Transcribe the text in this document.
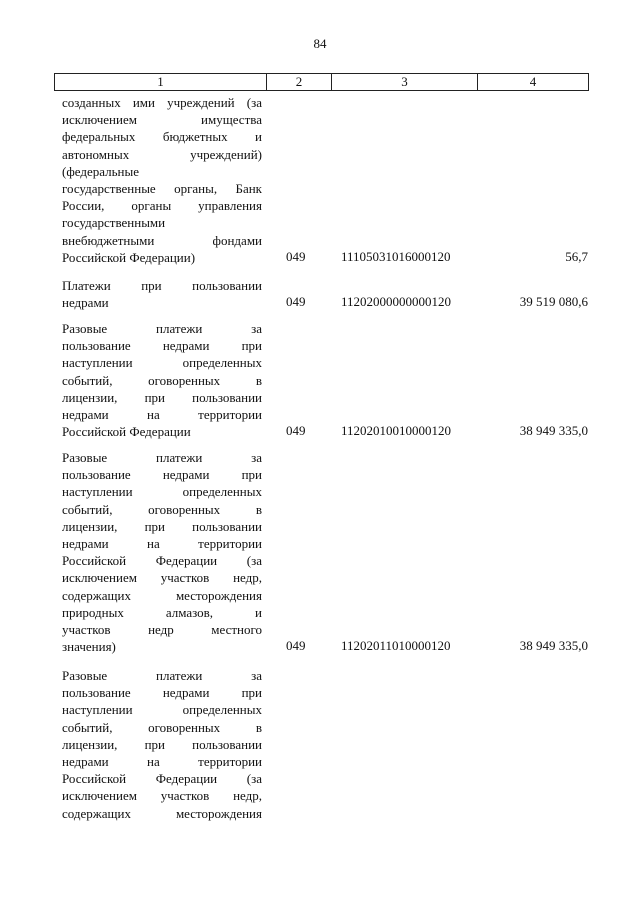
84
1	2	3	4
созданных ими учреждений (за
исключением имущества
федеральных бюджетных и
автономных учреждений)
(федеральные
государственные органы, Банк
России, органы управления
государственными
внебюджетными фондами
Российской Федерации)	049	11105031016000120	56,7
Платежи при пользовании
недрами	049	11202000000000120	39 519 080,6
Разовые платежи за
пользование недрами при
наступлении определенных
событий, оговоренных в
лицензии, при пользовании
недрами на территории
Российской Федерации	049	11202010010000120	38 949 335,0
Разовые платежи за
пользование недрами при
наступлении определенных
событий, оговоренных в
лицензии, при пользовании
недрами на территории
Российской Федерации (за
исключением участков недр,
содержащих месторождения
природных алмазов, и
участков недр местного
значения)	049	11202011010000120	38 949 335,0
Разовые платежи за
пользование недрами при
наступлении определенных
событий, оговоренных в
лицензии, при пользовании
недрами на территории
Российской Федерации (за
исключением участков недр,
содержащих месторождения
